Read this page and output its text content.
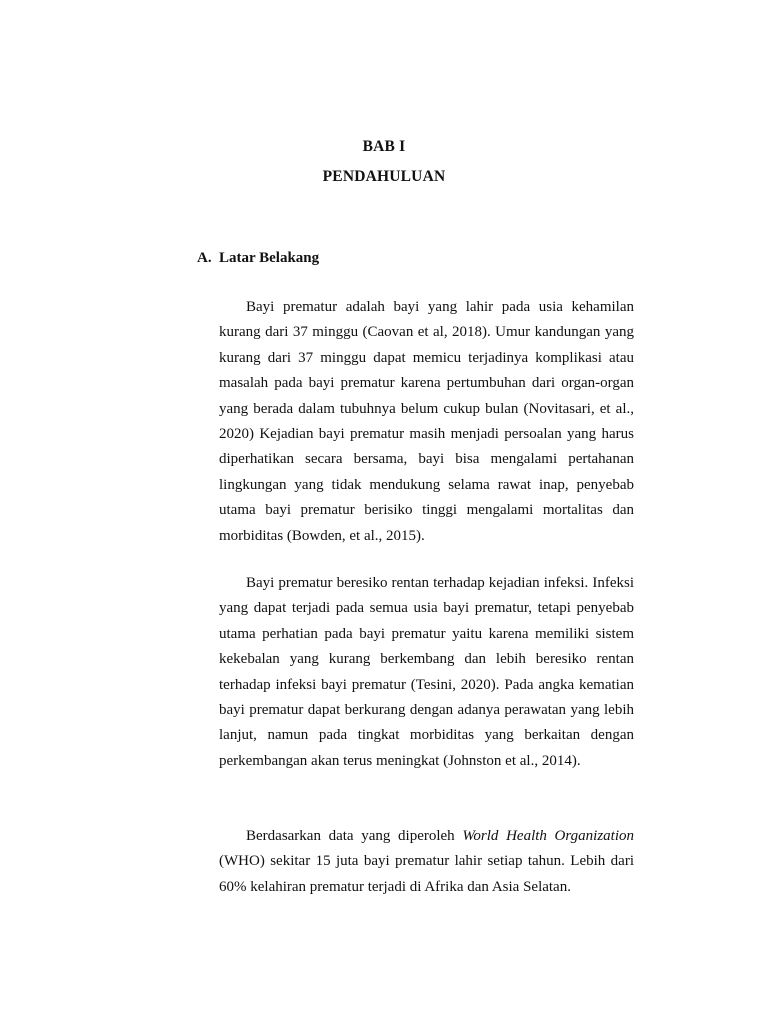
BAB I
PENDAHULUAN
A. Latar Belakang

Bayi prematur adalah bayi yang lahir pada usia kehamilan kurang dari 37 minggu (Caovan et al, 2018). Umur kandungan yang kurang dari 37 minggu dapat memicu terjadinya komplikasi atau masalah pada bayi prematur karena pertumbuhan dari organ-organ yang berada dalam tubuhnya belum cukup bulan (Novitasari, et al., 2020) Kejadian bayi prematur masih menjadi persoalan yang harus diperhatikan secara bersama, bayi bisa mengalami pertahanan lingkungan yang tidak mendukung selama rawat inap, penyebab utama bayi prematur berisiko tinggi mengalami mortalitas dan morbiditas (Bowden, et al., 2015).

Bayi prematur beresiko rentan terhadap kejadian infeksi. Infeksi yang dapat terjadi pada semua usia bayi prematur, tetapi penyebab utama perhatian pada bayi prematur yaitu karena memiliki sistem kekebalan yang kurang berkembang dan lebih beresiko rentan terhadap infeksi bayi prematur (Tesini, 2020). Pada angka kematian bayi prematur dapat berkurang dengan adanya perawatan yang lebih lanjut, namun pada tingkat morbiditas yang berkaitan dengan perkembangan akan terus meningkat (Johnston et al., 2014).

Berdasarkan data yang diperoleh World Health Organization (WHO) sekitar 15 juta bayi prematur lahir setiap tahun. Lebih dari 60% kelahiran prematur terjadi di Afrika dan Asia Selatan.
